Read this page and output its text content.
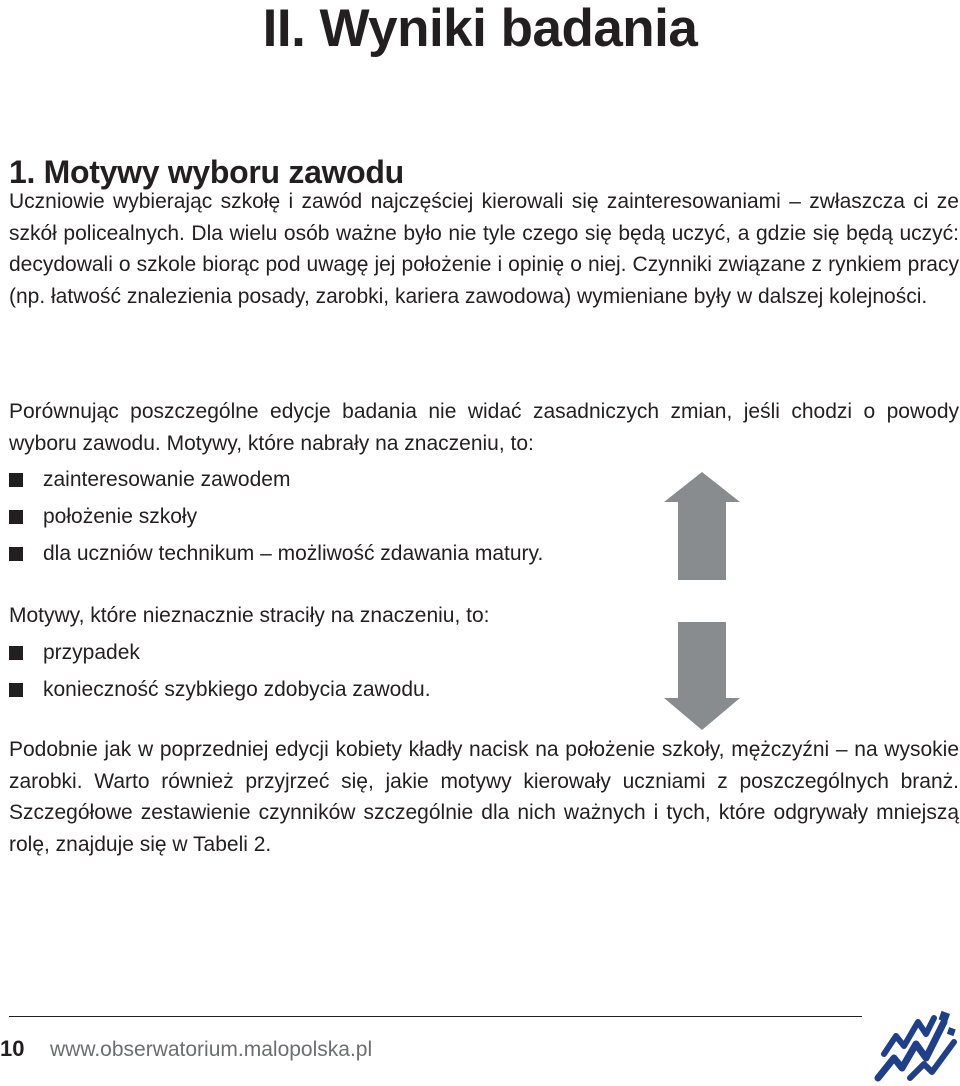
II. Wyniki badania
1. Motywy wyboru zawodu

Uczniowie wybierając szkołę i zawód najczęściej kierowali się zainteresowaniami – zwłaszcza ci ze szkół policealnych. Dla wielu osób ważne było nie tyle czego się będą uczyć, a gdzie się będą uczyć: decydowali o szkole biorąc pod uwagę jej położenie i opinię o niej. Czynniki związane z rynkiem pracy (np. łatwość znalezienia posady, zarobki, kariera zawodowa) wymieniane były w dalszej kolejności.

Porównując poszczególne edycje badania nie widać zasadniczych zmian, jeśli chodzi o powody wyboru zawodu. Motywy, które nabrały na znaczeniu, to:

zainteresowanie zawodem
położenie szkoły
dla uczniów technikum – możliwość zdawania matury.

Motywy, które nieznacznie straciły na znaczeniu, to:

przypadek
konieczność szybkiego zdobycia zawodu.

Podobnie jak w poprzedniej edycji kobiety kładły nacisk na położenie szkoły, mężczyźni – na wysokie zarobki. Warto również przyjrzeć się, jakie motywy kierowały uczniami z poszczególnych branż. Szczegółowe zestawienie czynników szczególnie dla nich ważnych i tych, które odgrywały mniejszą rolę, znajduje się w Tabeli 2.

10 www.obserwatorium.malopolska.pl
